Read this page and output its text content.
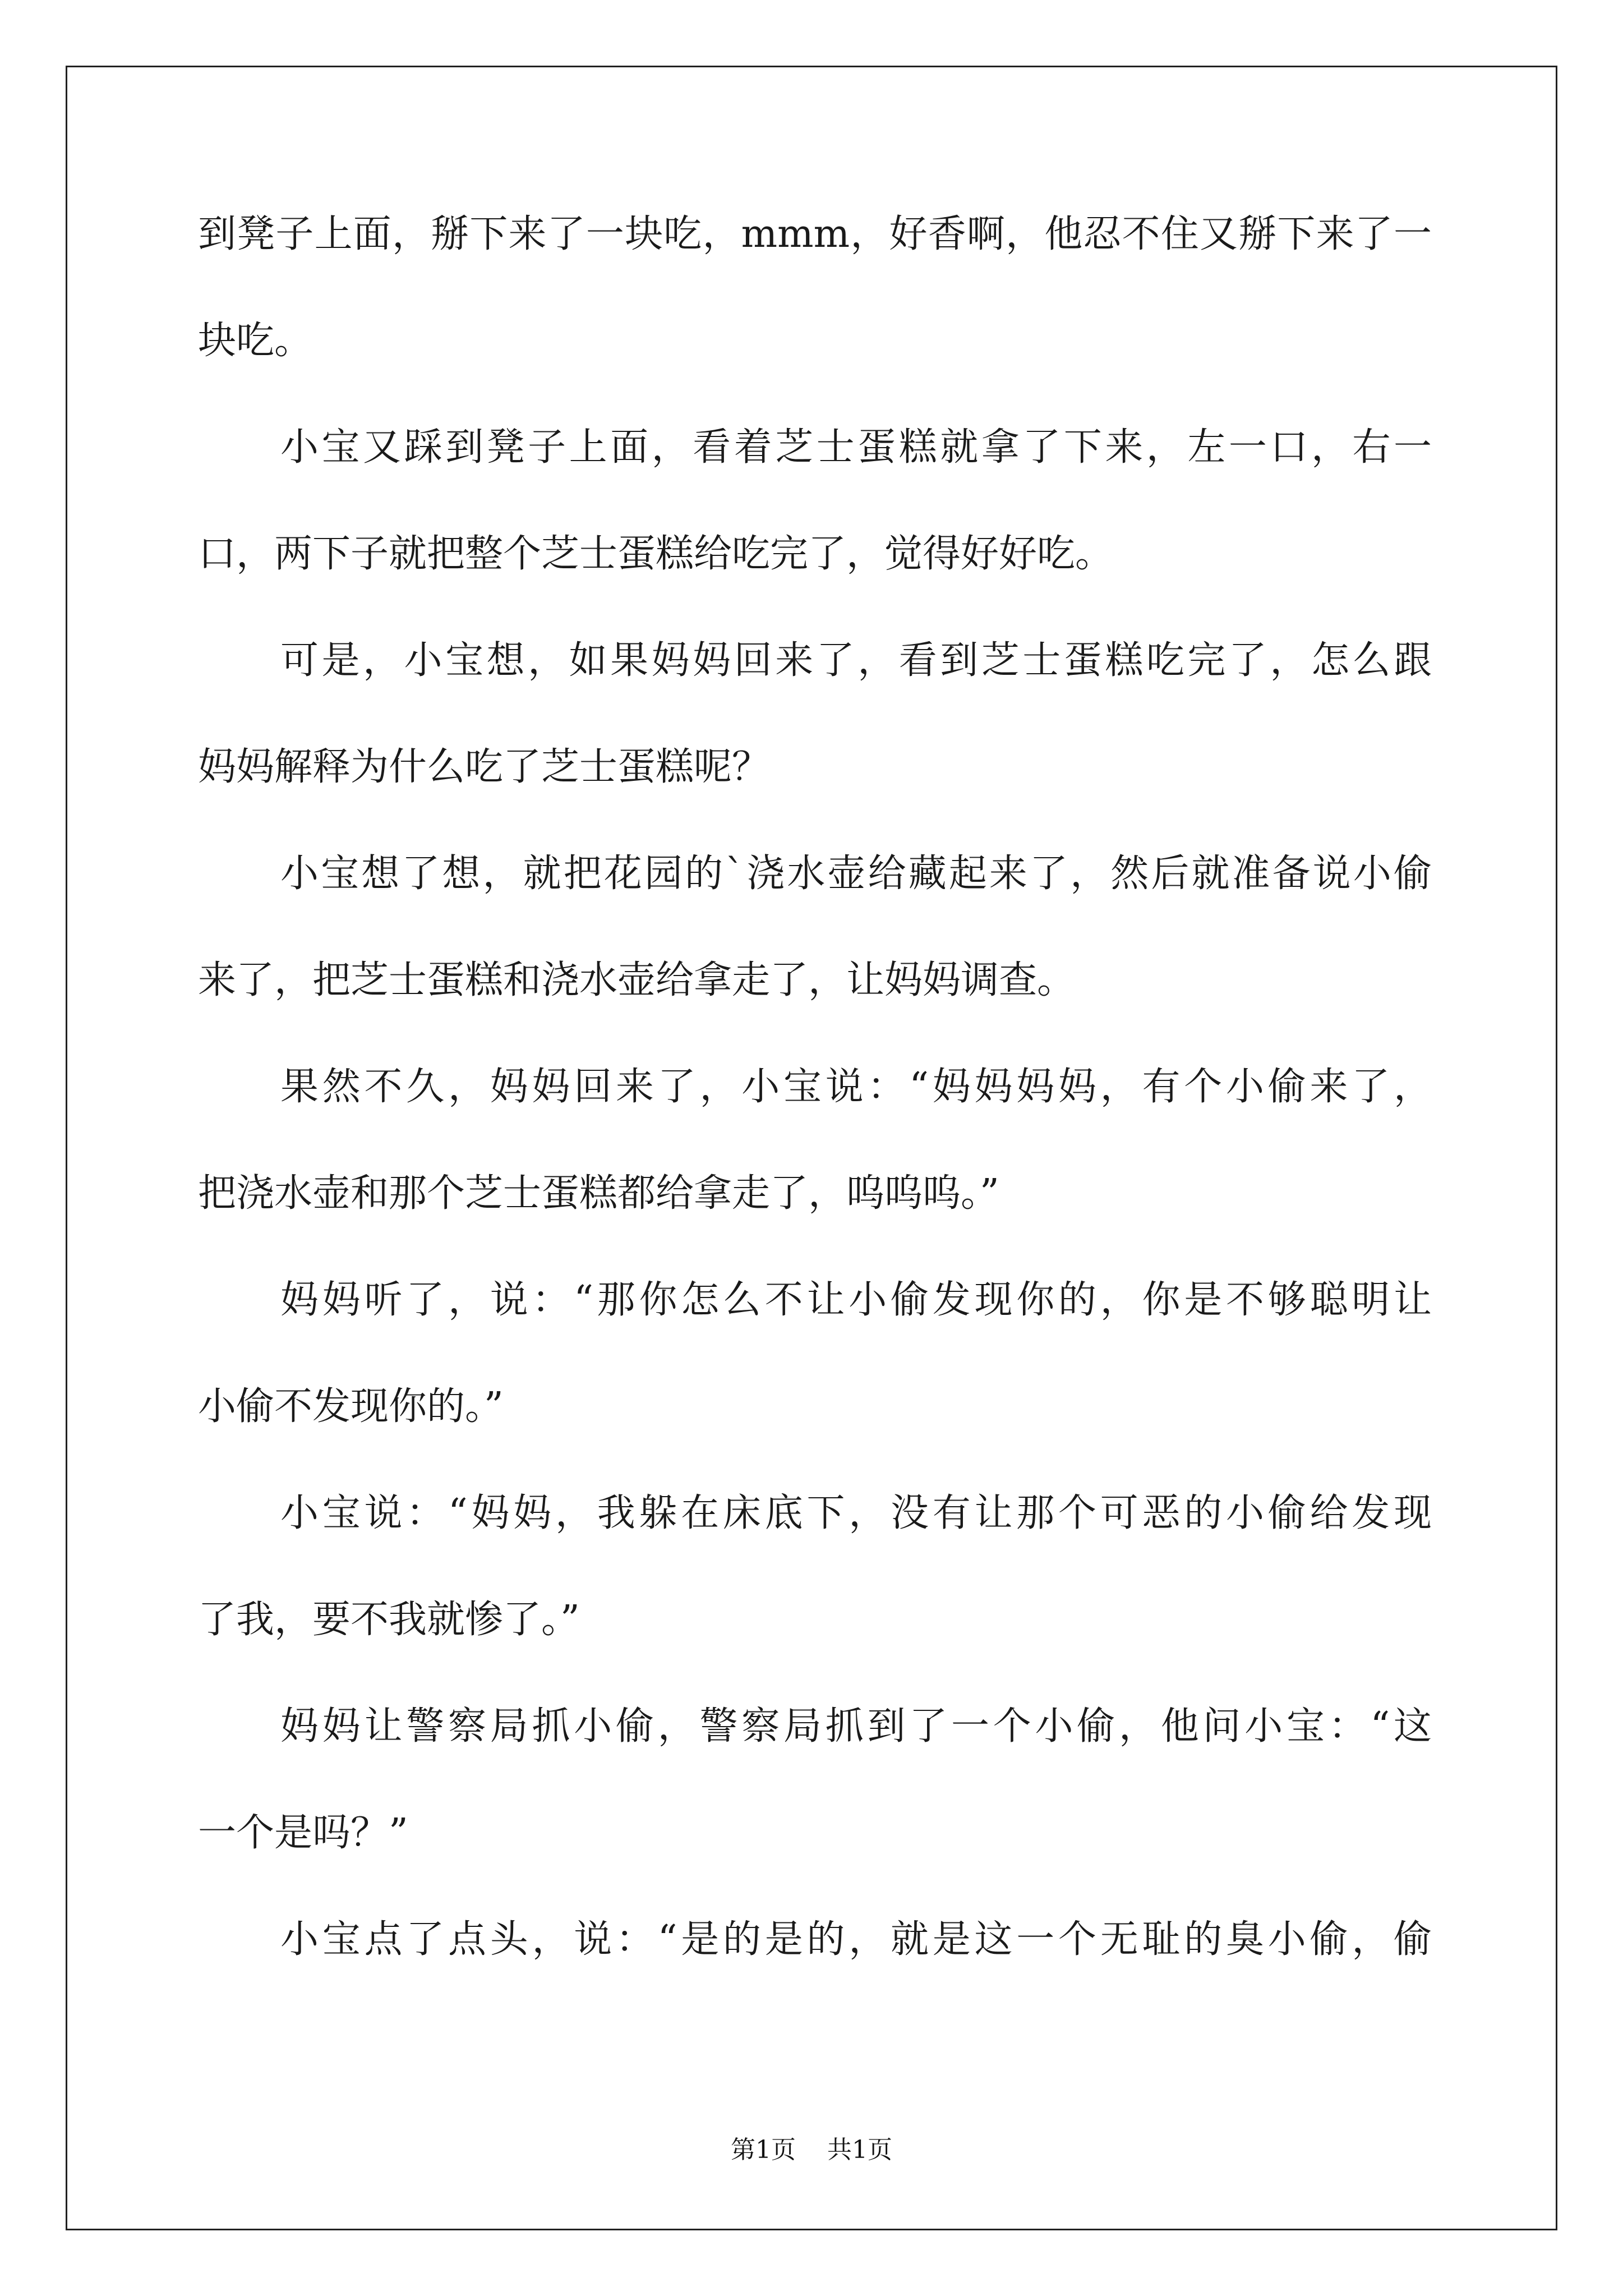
到凳子上面，掰下来了一块吃，mmm，好香啊，他忍不住又掰下来了一
块吃。
小宝又踩到凳子上面，看着芝士蛋糕就拿了下来，左一口，右一
口，两下子就把整个芝士蛋糕给吃完了，觉得好好吃。
可是，小宝想，如果妈妈回来了，看到芝士蛋糕吃完了，怎么跟
妈妈解释为什么吃了芝士蛋糕呢？
小宝想了想，就把花园的`浇水壶给藏起来了，然后就准备说小偷
来了，把芝士蛋糕和浇水壶给拿走了，让妈妈调查。
果然不久，妈妈回来了，小宝说：“妈妈妈妈，有个小偷来了，
把浇水壶和那个芝士蛋糕都给拿走了，呜呜呜。”
妈妈听了，说：“那你怎么不让小偷发现你的，你是不够聪明让
小偷不发现你的。”
小宝说：“妈妈，我躲在床底下，没有让那个可恶的小偷给发现
了我，要不我就惨了。”
妈妈让警察局抓小偷，警察局抓到了一个小偷，他问小宝：“这
一个是吗？”
小宝点了点头，说：“是的是的，就是这一个无耻的臭小偷，偷
第1页 共1页
